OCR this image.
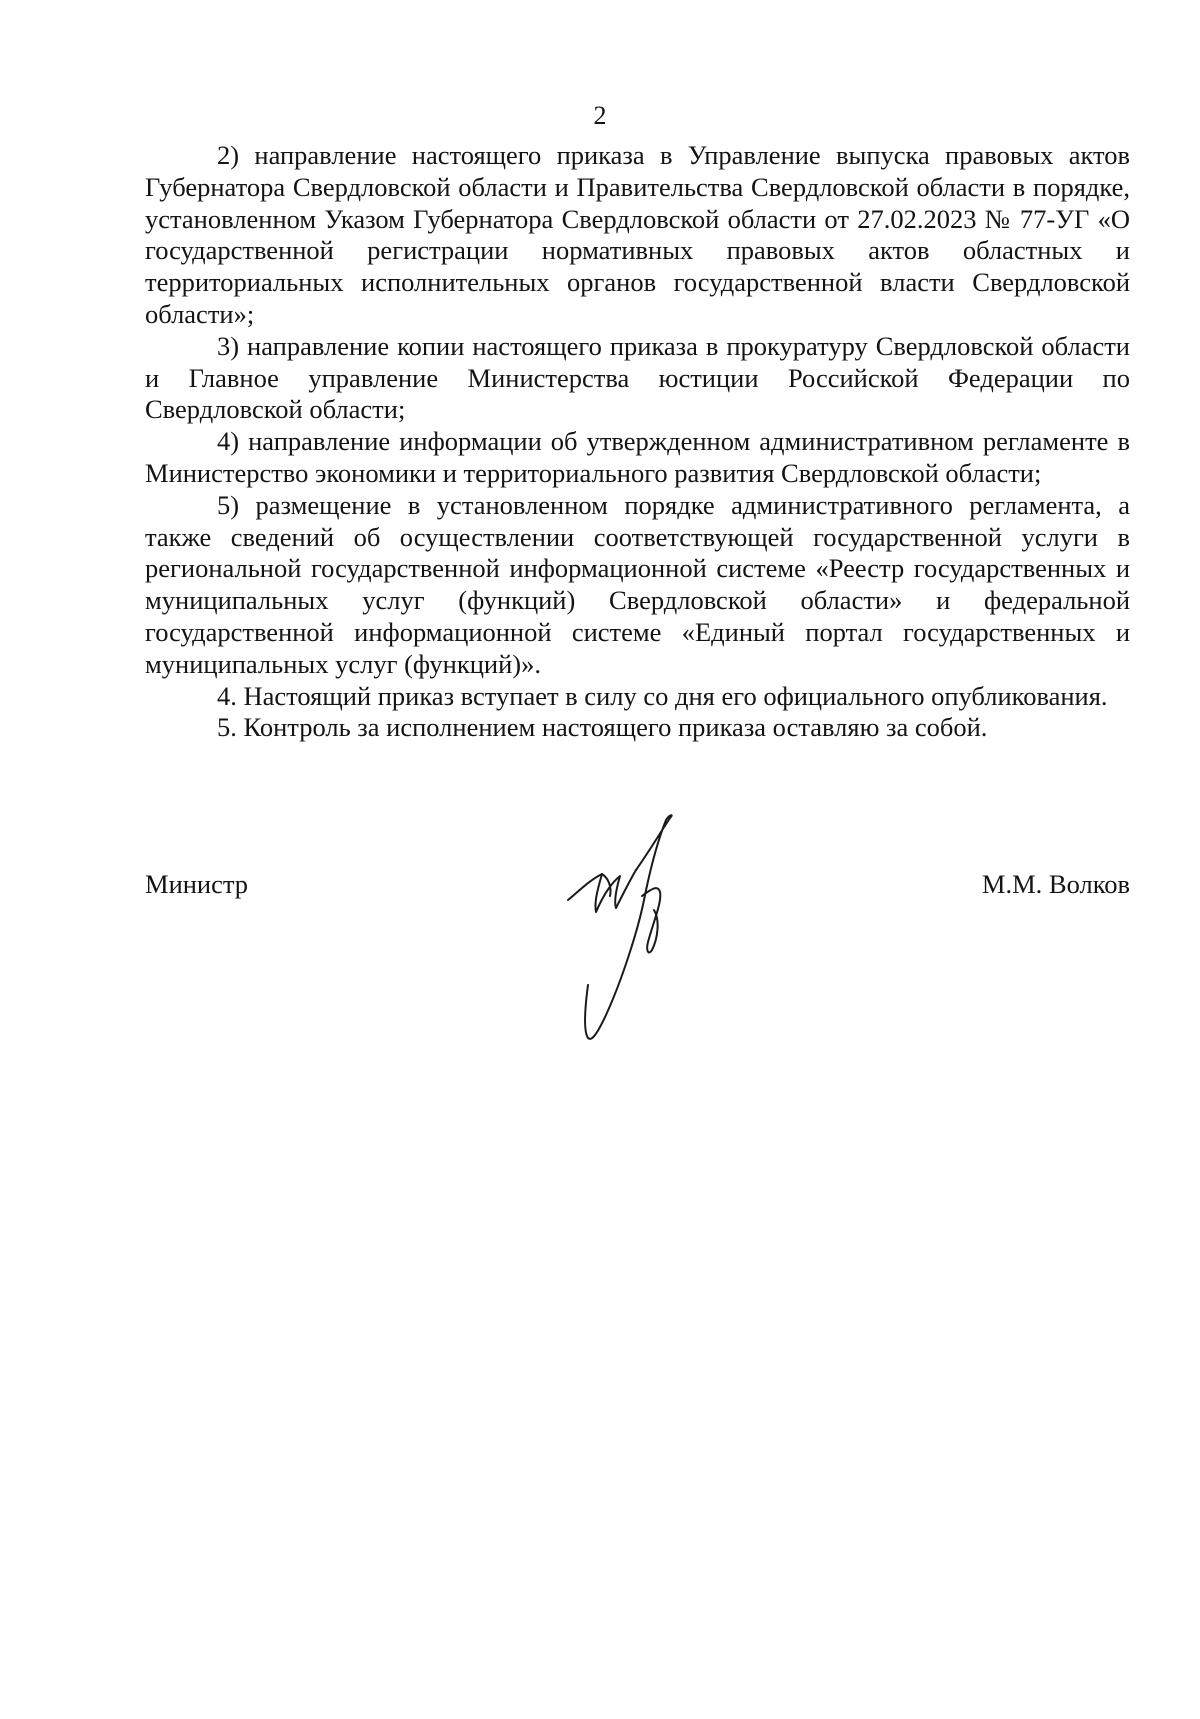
2

2) направление настоящего приказа в Управление выпуска правовых актов Губернатора Свердловской области и Правительства Свердловской области в порядке, установленном Указом Губернатора Свердловской области от 27.02.2023 № 77-УГ «О государственной регистрации нормативных правовых актов областных и территориальных исполнительных органов государственной власти Свердловской области»;

3) направление копии настоящего приказа в прокуратуру Свердловской области и Главное управление Министерства юстиции Российской Федерации по Свердловской области;

4) направление информации об утвержденном административном регламенте в Министерство экономики и территориального развития Свердловской области;

5) размещение в установленном порядке административного регламента, а также сведений об осуществлении соответствующей государственной услуги в региональной государственной информационной системе «Реестр государственных и муниципальных услуг (функций) Свердловской области» и федеральной государственной информационной системе «Единый портал государственных и муниципальных услуг (функций)».

4. Настоящий приказ вступает в силу со дня его официального опубликования.

5. Контроль за исполнением настоящего приказа оставляю за собой.

Министр	М.М. Волков
